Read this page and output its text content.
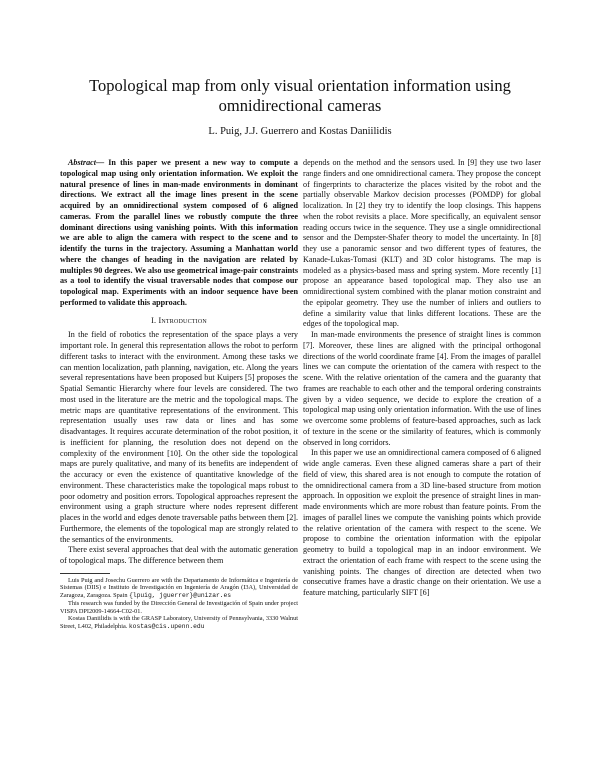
Topological map from only visual orientation information using
omnidirectional cameras
L. Puig, J.J. Guerrero and Kostas Daniilidis

Abstract— In this paper we present a new way to compute a topological map using only orientation information. We exploit the natural presence of lines in man-made environments in dominant directions. We extract all the image lines present in the scene acquired by an omnidirectional system composed of 6 aligned cameras. From the parallel lines we robustly compute the three dominant directions using vanishing points. With this information we are able to align the camera with respect to the scene and to identify the turns in the trajectory. Assuming a Manhattan world where the changes of heading in the navigation are related by multiples 90 degrees. We also use geometrical image-pair constraints as a tool to identify the visual traversable nodes that compose our topological map. Experiments with an indoor sequence have been performed to validate this approach.

I. Introduction

In the field of robotics the representation of the space plays a very important role. In general this representation allows the robot to perform different tasks to interact with the environment. Among these tasks we can mention localization, path planning, navigation, etc. Along the years several representations have been proposed but Kuipers [5] proposes the Spatial Semantic Hierarchy where four levels are considered. The two most used in the literature are the metric and the topological maps. The metric maps are quantitative representations of the environment. This representation usually uses raw data or lines and has some disadvantages. It requires accurate determination of the robot position, it is inefficient for planning, the resolution does not depend on the complexity of the environment [10]. On the other side the topological maps are purely qualitative, and many of its benefits are independent of the accuracy or even the existence of quantitative knowledge of the environment. These characteristics make the topological maps robust to poor odometry and position errors. Topological approaches represent the environment using a graph structure where nodes represent different places in the world and edges denote traversable paths between them [2]. Furthermore, the elements of the topological map are strongly related to the semantics of the environments.

There exist several approaches that deal with the automatic generation of topological maps. The difference between them

Luis Puig and Josechu Guerrero are with the Departamento de Informática e Ingeniería de Sistemas (DIIS) e Instituto de Investigación en Ingeniería de Aragón (I3A), Universidad de Zaragoza, Zaragoza. Spain {lpuig, jguerrer}@unizar.es

This research was funded by the Dirección General de Investigación of Spain under project VISPA DPI2009-14664-C02-01.

Kostas Daniilidis is with the GRASP Laboratory, University of Pennsylvania, 3330 Walnut Street, L402, Philadelphia. kostas@cis.upenn.edu

depends on the method and the sensors used. In [9] they use two laser range finders and one omnidirectional camera. They propose the concept of fingerprints to characterize the places visited by the robot and the partially observable Markov decision processes (POMDP) for global localization. In [2] they try to identify the loop closings. This happens when the robot revisits a place. More specifically, an equivalent sensor reading occurs twice in the sequence. They use a single omnidirectional sensor and the Dempster-Shafer theory to model the uncertainty. In [8] they use a panoramic sensor and two different types of features, the Kanade-Lukas-Tomasi (KLT) and 3D color histograms. The map is modeled as a physics-based mass and spring system. More recently [1] propose an appearance based topological map. They also use an omnidirectional system combined with the planar motion constraint and the epipolar geometry. They use the number of inliers and outliers to define a similarity value that links different locations. These are the edges of the topological map.

In man-made environments the presence of straight lines is common [7]. Moreover, these lines are aligned with the principal orthogonal directions of the world coordinate frame [4]. From the images of parallel lines we can compute the orientation of the camera with respect to the scene. With the relative orientation of the camera and the guaranty that frames are reachable to each other and the temporal ordering constraints given by a video sequence, we decide to explore the creation of a topological map using only orientation information. With the use of lines we overcome some problems of feature-based approaches, such as lack of texture in the scene or the similarity of features, which is commonly observed in long corridors.

In this paper we use an omnidirectional camera composed of 6 aligned wide angle cameras. Even these aligned cameras share a part of their field of view, this shared area is not enough to compute the rotation of the omnidirectional camera from a 3D line-based structure from motion approach. In opposition we exploit the presence of straight lines in man-made environments which are more robust than feature points. From the images of parallel lines we compute the vanishing points which provide the relative orientation of the camera with respect to the scene. We propose to combine the orientation information with the epipolar geometry to build a topological map in an indoor environment. We extract the orientation of each frame with respect to the scene using the vanishing points. The changes of direction are detected when two consecutive frames have a drastic change on their orientation. We use a feature matching, particularly SIFT [6]
